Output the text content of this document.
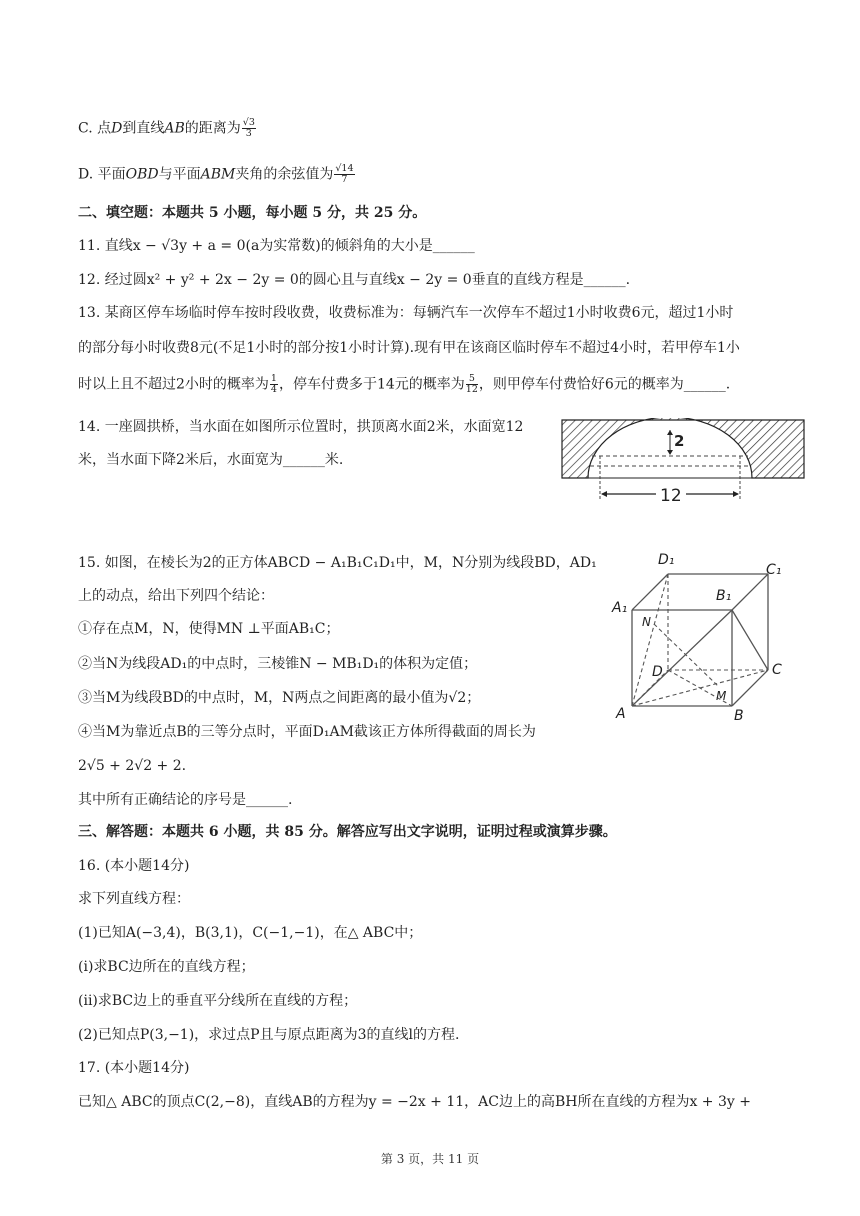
C. 点D到直线AB的距离为 $\frac{√3}{3}$
D. 平面OBD与平面ABM夹角的余弦值为 $\frac{√14}{7}$
二、填空题：本题共 5 小题，每小题 5 分，共 25 分。
11. 直线x − √3y + a = 0(a为实常数)的倾斜角的大小是______
12. 经过圆x² + y² + 2x − 2y = 0的圆心且与直线x − 2y = 0垂直的直线方程是______.
13. 某商区停车场临时停车按时段收费，收费标准为：每辆汽车一次停车不超过1小时收费6元，超过1小时
的部分每小时收费8元(不足1小时的部分按1小时计算).现有甲在该商区临时停车不超过4小时，若甲停车1小
时以上且不超过2小时的概率为 $\frac{1}{4}$ ，停车付费多于14元的概率为 $\frac{5}{12}$ ，则甲停车付费恰好6元的概率为______.
14. 一座圆拱桥，当水面在如图所示位置时，拱顶离水面2米，水面宽12
米，当水面下降2米后，水面宽为______米.
2
12
15. 如图，在棱长为2的正方体ABCD − A₁B₁C₁D₁中，M，N分别为线段BD，AD₁
上的动点，给出下列四个结论：
①存在点M，N，使得MN ⊥平面AB₁C；
②当N为线段AD₁的中点时，三棱锥N − MB₁D₁的体积为定值；
③当M为线段BD的中点时，M，N两点之间距离的最小值为√2；
④当M为靠近点B的三等分点时，平面D₁AM截该正方体所得截面的周长为
2√5 + 2√2 + 2.
其中所有正确结论的序号是______.
A	B
C
D
A₁
B₁
C₁
D₁
M
N
三、解答题：本题共 6 小题，共 85 分。解答应写出文字说明，证明过程或演算步骤。
16. (本小题14分)
求下列直线方程：
(1)已知A(−3,4)，B(3,1)，C(−1,−1)，在△ ABC中；
(i)求BC边所在的直线方程；
(ii)求BC边上的垂直平分线所在直线的方程；
(2)已知点P(3,−1)，求过点P且与原点距离为3的直线l的方程.
17. (本小题14分)
已知△ ABC的顶点C(2,−8)，直线AB的方程为y = −2x + 11，AC边上的高BH所在直线的方程为x + 3y +
第 3 页，共 11 页
